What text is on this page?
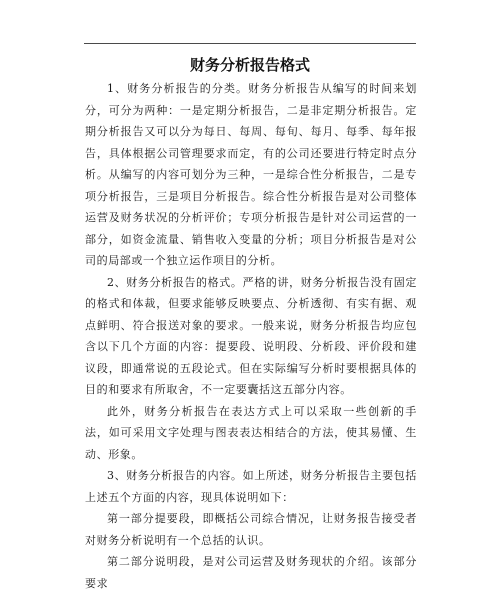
财务分析报告格式

1、财务分析报告的分类。财务分析报告从编写的时间来划分，可分为两种：一是定期分析报告，二是非定期分析报告。定期分析报告又可以分为每日、每周、每旬、每月、每季、每年报告，具体根据公司管理要求而定，有的公司还要进行特定时点分析。从编写的内容可划分为三种，一是综合性分析报告，二是专项分析报告，三是项目分析报告。综合性分析报告是对公司整体运营及财务状况的分析评价；专项分析报告是针对公司运营的一部分，如资金流量、销售收入变量的分析；项目分析报告是对公司的局部或一个独立运作项目的分析。

2、财务分析报告的格式。严格的讲，财务分析报告没有固定的格式和体裁，但要求能够反映要点、分析透彻、有实有据、观点鲜明、符合报送对象的要求。一般来说，财务分析报告均应包含以下几个方面的内容：提要段、说明段、分析段、评价段和建议段，即通常说的五段论式。但在实际编写分析时要根据具体的目的和要求有所取舍，不一定要囊括这五部分内容。

此外，财务分析报告在表达方式上可以采取一些创新的手法，如可采用文字处理与图表表达相结合的方法，使其易懂、生动、形象。

3、财务分析报告的内容。如上所述，财务分析报告主要包括上述五个方面的内容，现具体说明如下：

第一部分提要段，即概括公司综合情况，让财务报告接受者对财务分析说明有一个总括的认识。

第二部分说明段，是对公司运营及财务现状的介绍。该部分要求
